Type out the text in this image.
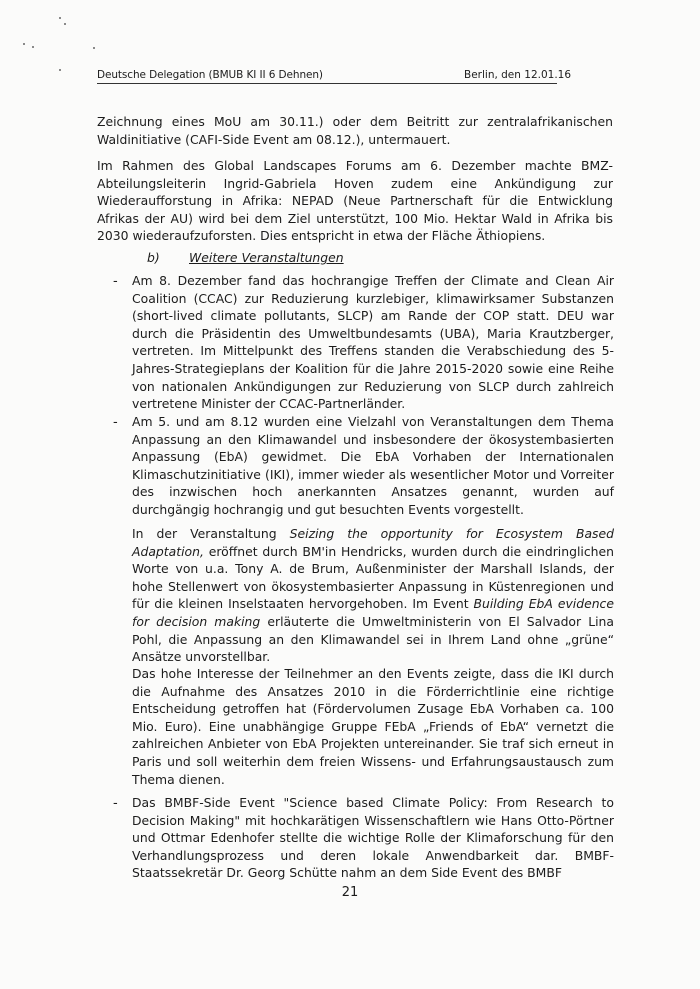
Deutsche Delegation (BMUB KI II 6 Dehnen)	Berlin, den 12.01.16

Zeichnung eines MoU am 30.11.) oder dem Beitritt zur zentralafrikanischen Waldinitiative (CAFI-Side Event am 08.12.), untermauert.

Im Rahmen des Global Landscapes Forums am 6. Dezember machte BMZ-Abteilungsleiterin Ingrid-Gabriela Hoven zudem eine Ankündigung zur Wiederaufforstung in Afrika: NEPAD (Neue Partnerschaft für die Entwicklung Afrikas der AU) wird bei dem Ziel unterstützt, 100 Mio. Hektar Wald in Afrika bis 2030 wiederaufzuforsten. Dies entspricht in etwa der Fläche Äthiopiens.

b) Weitere Veranstaltungen
- Am 8. Dezember fand das hochrangige Treffen der Climate and Clean Air Coalition (CCAC) zur Reduzierung kurzlebiger, klimawirksamer Substanzen (short-lived climate pollutants, SLCP) am Rande der COP statt. DEU war durch die Präsidentin des Umweltbundesamts (UBA), Maria Krautzberger, vertreten. Im Mittelpunkt des Treffens standen die Verabschiedung des 5-Jahres-Strategieplans der Koalition für die Jahre 2015-2020 sowie eine Reihe von nationalen Ankündigungen zur Reduzierung von SLCP durch zahlreich vertretene Minister der CCAC-Partnerländer.

- Am 5. und am 8.12 wurden eine Vielzahl von Veranstaltungen dem Thema Anpassung an den Klimawandel und insbesondere der ökosystembasierten Anpassung (EbA) gewidmet. Die EbA Vorhaben der Internationalen Klimaschutzinitiative (IKI), immer wieder als wesentlicher Motor und Vorreiter des inzwischen hoch anerkannten Ansatzes genannt, wurden auf durchgängig hochrangig und gut besuchten Events vorgestellt.

In der Veranstaltung Seizing the opportunity for Ecosystem Based Adaptation, eröffnet durch BM'in Hendricks, wurden durch die eindringlichen Worte von u.a. Tony A. de Brum, Außenminister der Marshall Islands, der hohe Stellenwert von ökosystembasierter Anpassung in Küstenregionen und für die kleinen Inselstaaten hervorgehoben. Im Event Building EbA evidence for decision making erläuterte die Umweltministerin von El Salvador Lina Pohl, die Anpassung an den Klimawandel sei in Ihrem Land ohne „grüne“ Ansätze unvorstellbar.

Das hohe Interesse der Teilnehmer an den Events zeigte, dass die IKI durch die Aufnahme des Ansatzes 2010 in die Förderrichtlinie eine richtige Entscheidung getroffen hat (Fördervolumen Zusage EbA Vorhaben ca. 100 Mio. Euro). Eine unabhängige Gruppe FEbA „Friends of EbA“ vernetzt die zahlreichen Anbieter von EbA Projekten untereinander. Sie traf sich erneut in Paris und soll weiterhin dem freien Wissens- und Erfahrungsaustausch zum Thema dienen.

- Das BMBF-Side Event "Science based Climate Policy: From Research to Decision Making" mit hochkarätigen Wissenschaftlern wie Hans Otto-Pörtner und Ottmar Edenhofer stellte die wichtige Rolle der Klimaforschung für den Verhandlungsprozess und deren lokale Anwendbarkeit dar. BMBF-Staatssekretär Dr. Georg Schütte nahm an dem Side Event des BMBF

21
